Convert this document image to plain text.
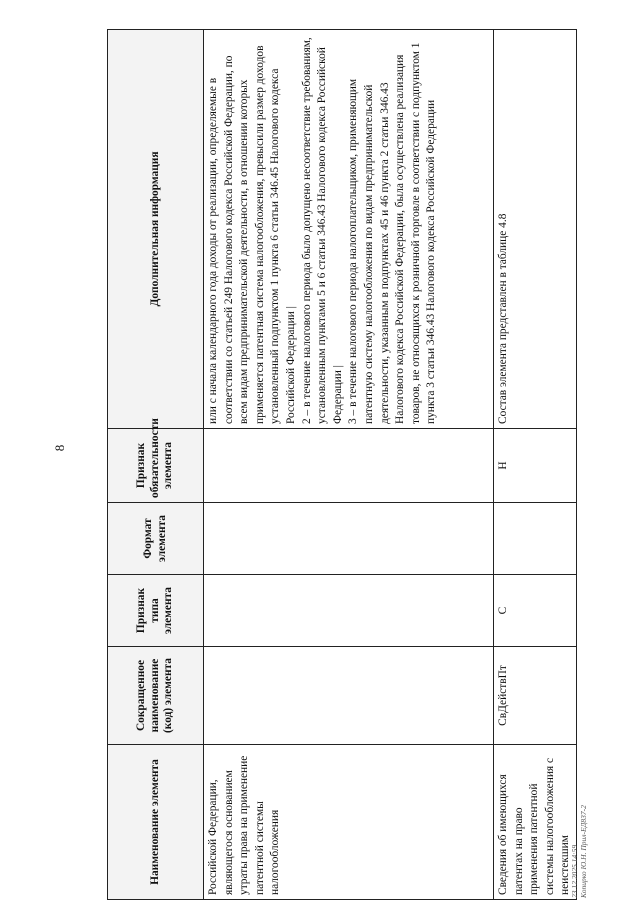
8
Наименование элемента	Сокращенное наименование (код) элемента	Признак типа элемента	Формат элемента	Признак обязательности элемента	Дополнительная информация
Российской Федерации, являющегося основанием утраты права на применение патентной системы налогообложения					или с начала календарного года доходы от реализации, определяемые в соответствии со статьей 249 Налогового кодекса Российской Федерации, по всем видам предпринимательской деятельности, в отношении которых применяется патентная система налогообложения, превысили размер доходов установленный подпунктом 1 пункта 6 статьи 346.45 Налогового кодекса Российской Федерации |
2 – в течение налогового периода было допущено несоответствие требованиям, установленным пунктами 5 и 6 статьи 346.43 Налогового кодекса Российской Федерации |
3 – в течение налогового периода налогоплательщиком, применяющим патентную систему налогообложения по видам предпринимательской деятельности, указанным в подпунктах 45 и 46 пункта 2 статьи 346.43 Налогового кодекса Российской Федерации, была осуществлена реализация товаров, не относящихся к розничной торговле в соответствии с подпунктом 1 пункта 3 статьи 346.43 Налогового кодекса Российской Федерации
Сведения об имеющихся патентах на право применения патентной системы налогообложения с неистекшим	СвДействПт	С		Н	Состав элемента представлен в таблице 4.8
23.12.2025 14:59
Копирко Ю.Н. Прил-ЕД837-2
